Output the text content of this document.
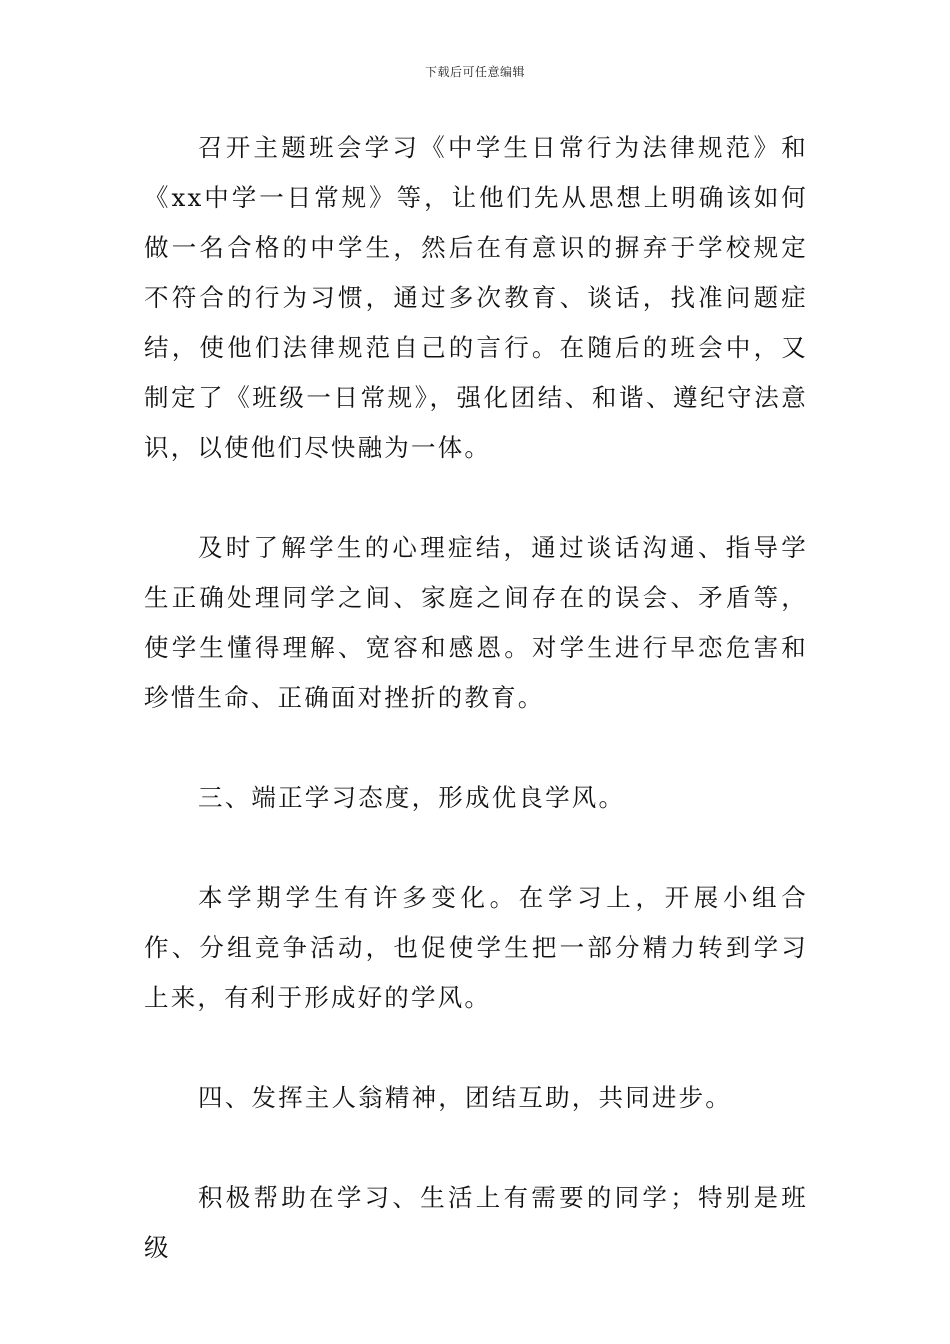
下载后可任意编辑

召开主题班会学习《中学生日常行为法律规范》和《xx中学一日常规》等，让他们先从思想上明确该如何做一名合格的中学生，然后在有意识的摒弃于学校规定不符合的行为习惯，通过多次教育、谈话，找准问题症结，使他们法律规范自己的言行。在随后的班会中，又制定了《班级一日常规》，强化团结、和谐、遵纪守法意识，以使他们尽快融为一体。

及时了解学生的心理症结，通过谈话沟通、指导学生正确处理同学之间、家庭之间存在的误会、矛盾等，使学生懂得理解、宽容和感恩。对学生进行早恋危害和珍惜生命、正确面对挫折的教育。

三、端正学习态度，形成优良学风。

本学期学生有许多变化。在学习上，开展小组合作、分组竞争活动，也促使学生把一部分精力转到学习上来，有利于形成好的学风。

四、发挥主人翁精神，团结互助，共同进步。

积极帮助在学习、生活上有需要的同学；特别是班级
